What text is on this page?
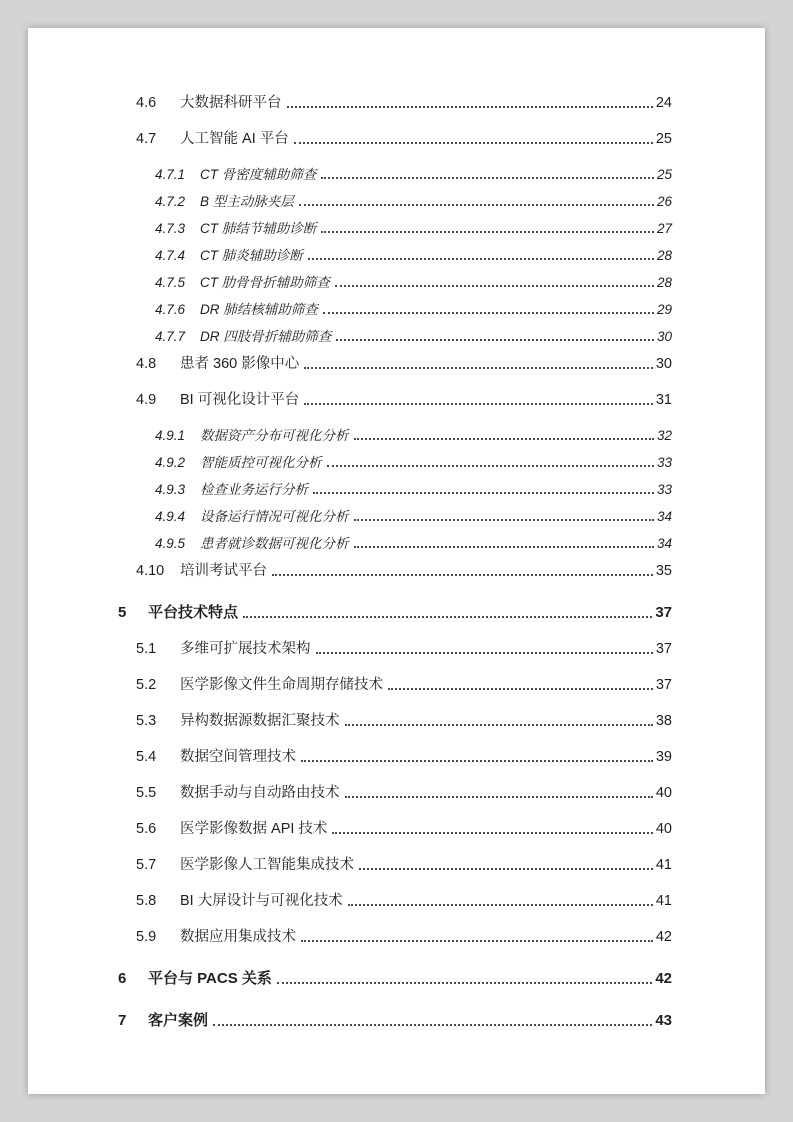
4.6	大数据科研平台	24
4.7	人工智能 AI 平台	25
4.7.1	CT 骨密度辅助筛查	25
4.7.2	B 型主动脉夹层	26
4.7.3	CT 肺结节辅助诊断	27
4.7.4	CT 肺炎辅助诊断	28
4.7.5	CT 肋骨骨折辅助筛查	28
4.7.6	DR 肺结核辅助筛查	29
4.7.7	DR 四肢骨折辅助筛查	30
4.8	患者 360 影像中心	30
4.9	BI 可视化设计平台	31
4.9.1	数据资产分布可视化分析	32
4.9.2	智能质控可视化分析	33
4.9.3	检查业务运行分析	33
4.9.4	设备运行情况可视化分析	34
4.9.5	患者就诊数据可视化分析	34
4.10	培训考试平台	35
5	平台技术特点	37
5.1	多维可扩展技术架构	37
5.2	医学影像文件生命周期存储技术	37
5.3	异构数据源数据汇聚技术	38
5.4	数据空间管理技术	39
5.5	数据手动与自动路由技术	40
5.6	医学影像数据 API 技术	40
5.7	医学影像人工智能集成技术	41
5.8	BI 大屏设计与可视化技术	41
5.9	数据应用集成技术	42
6	平台与 PACS 关系	42
7	客户案例	43
